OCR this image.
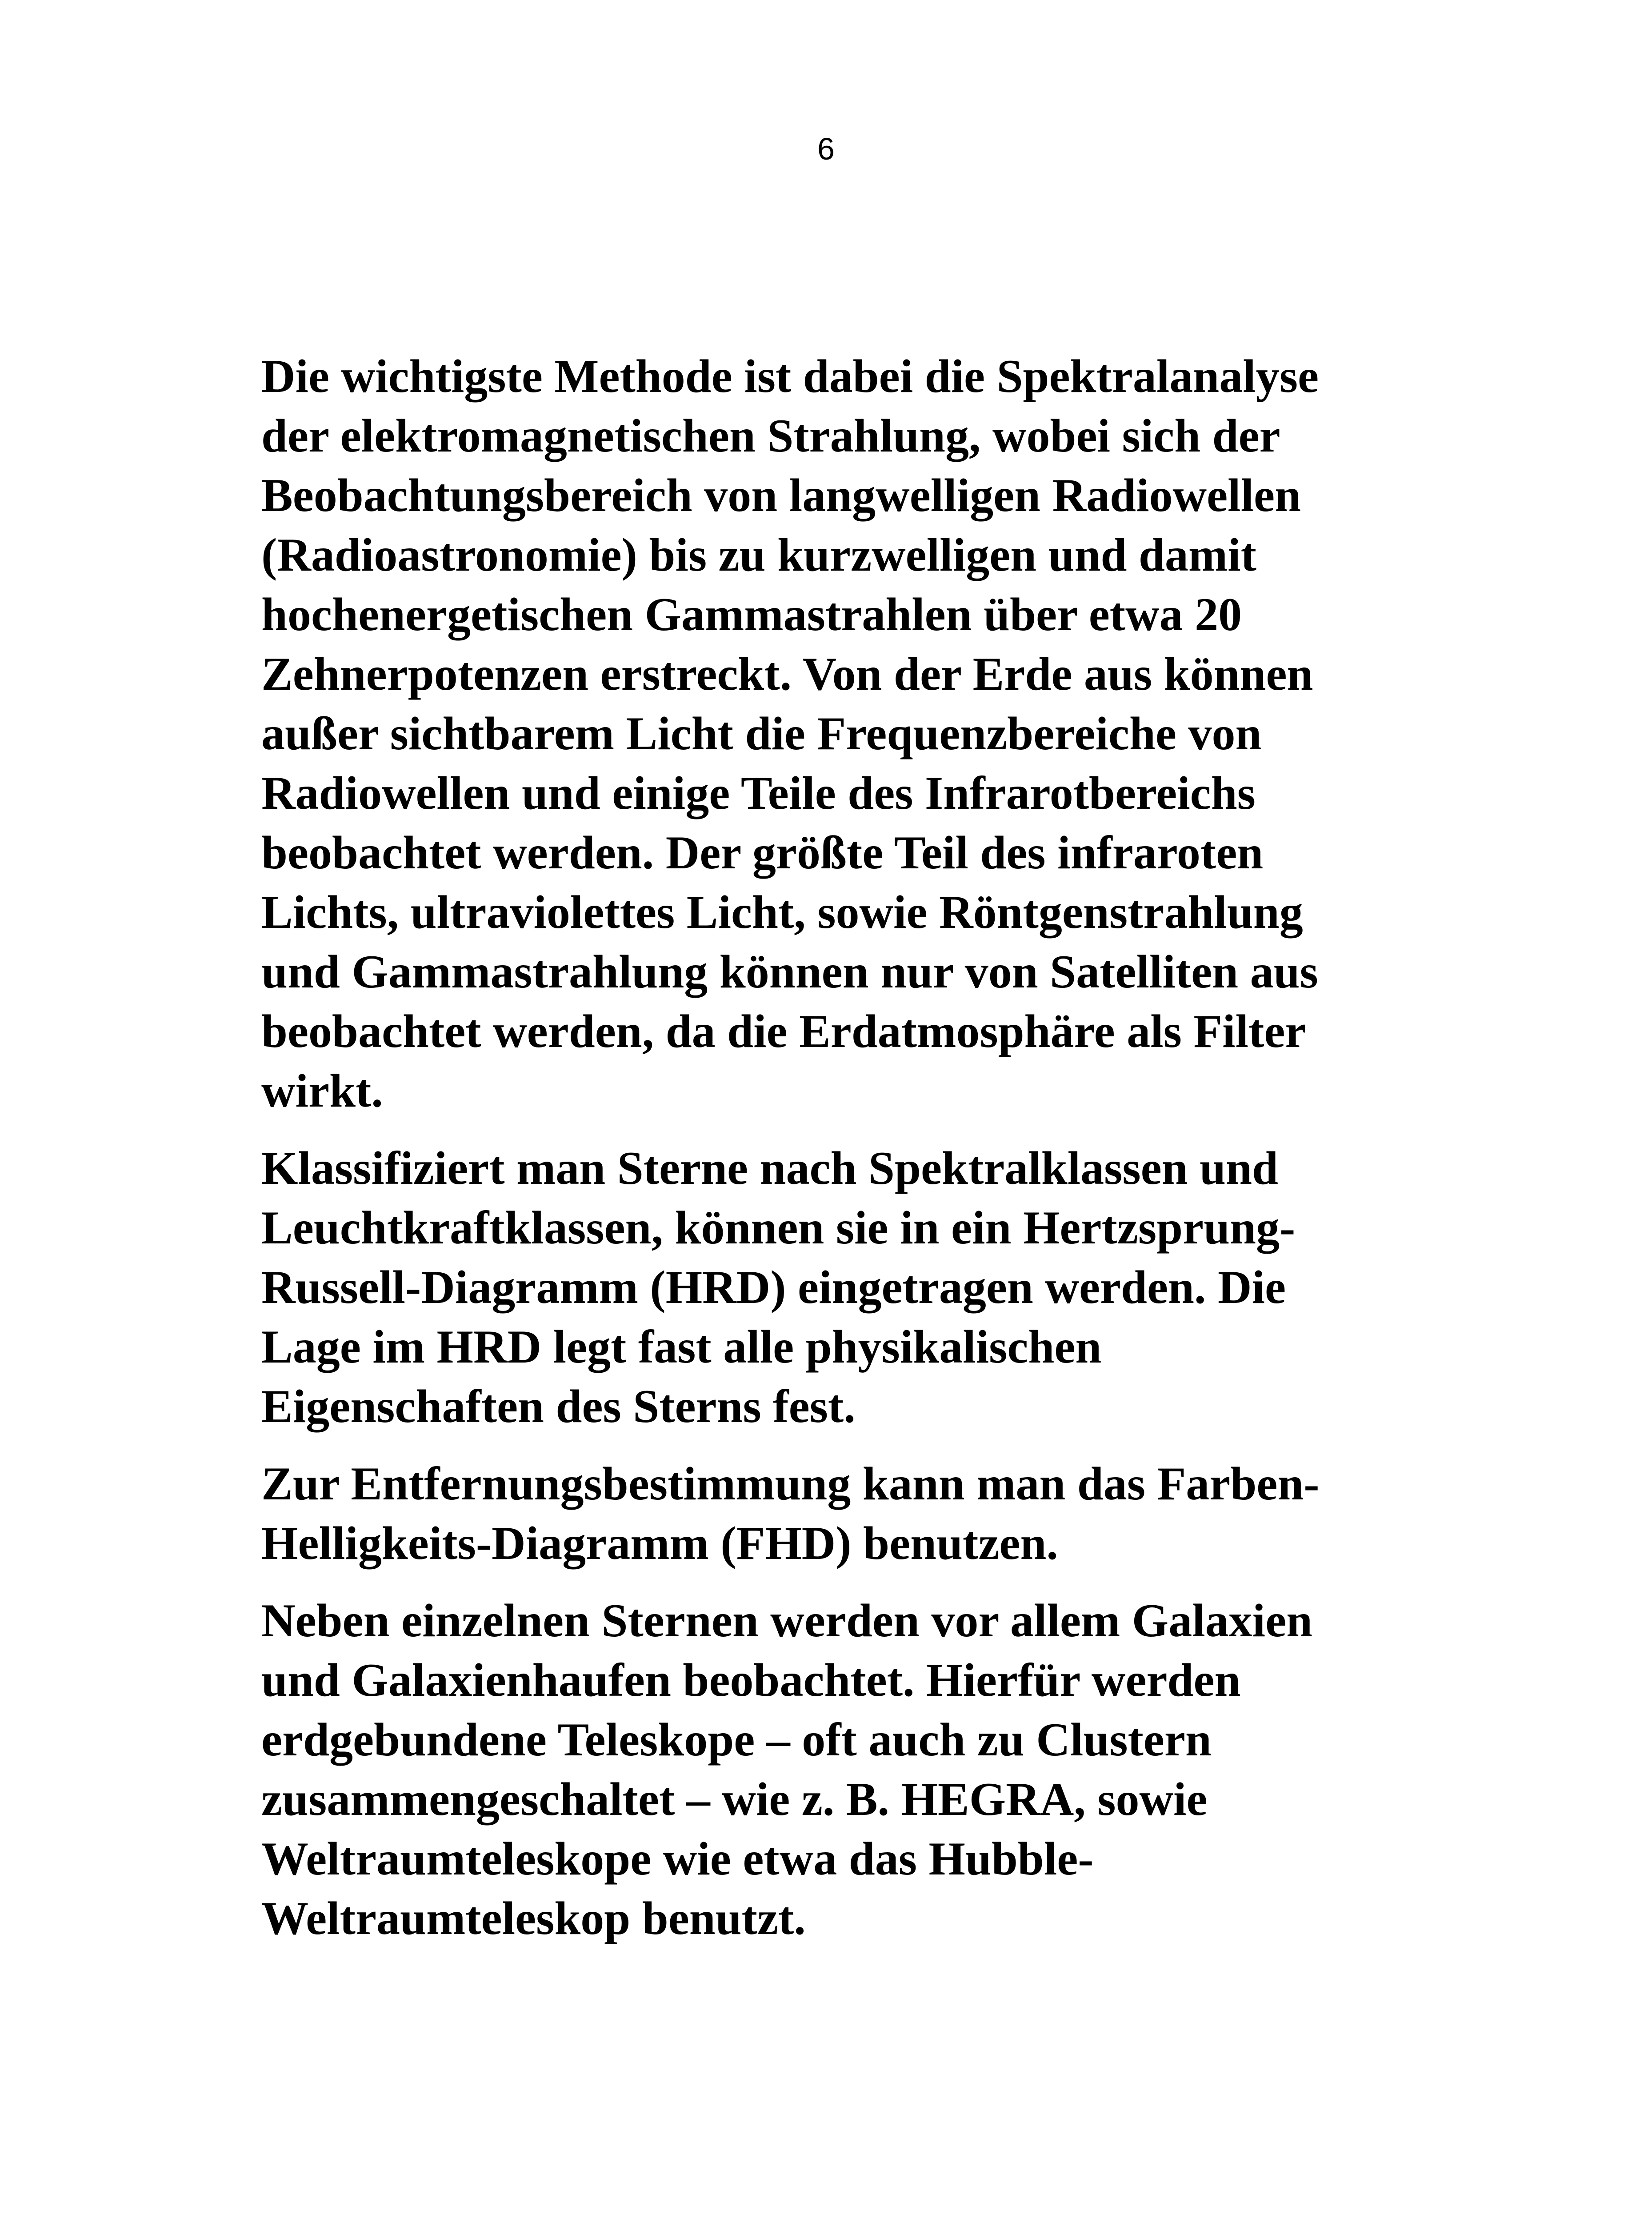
6
Die wichtigste Methode ist dabei die Spektralanalyse
der elektromagnetischen Strahlung, wobei sich der
Beobachtungsbereich von langwelligen Radiowellen
(Radioastronomie) bis zu kurzwelligen und damit
hochenergetischen Gammastrahlen über etwa 20
Zehnerpotenzen erstreckt. Von der Erde aus können
außer sichtbarem Licht die Frequenzbereiche von
Radiowellen und einige Teile des Infrarotbereichs
beobachtet werden. Der größte Teil des infraroten
Lichts, ultraviolettes Licht, sowie Röntgenstrahlung
und Gammastrahlung können nur von Satelliten aus
beobachtet werden, da die Erdatmosphäre als Filter
wirkt.
Klassifiziert man Sterne nach Spektralklassen und
Leuchtkraftklassen, können sie in ein Hertzsprung-
Russell-Diagramm (HRD) eingetragen werden. Die
Lage im HRD legt fast alle physikalischen
Eigenschaften des Sterns fest.
Zur Entfernungsbestimmung kann man das Farben-
Helligkeits-Diagramm (FHD) benutzen.
Neben einzelnen Sternen werden vor allem Galaxien
und Galaxienhaufen beobachtet. Hierfür werden
erdgebundene Teleskope – oft auch zu Clustern
zusammengeschaltet – wie z. B. HEGRA, sowie
Weltraumteleskope wie etwa das Hubble-
Weltraumteleskop benutzt.
